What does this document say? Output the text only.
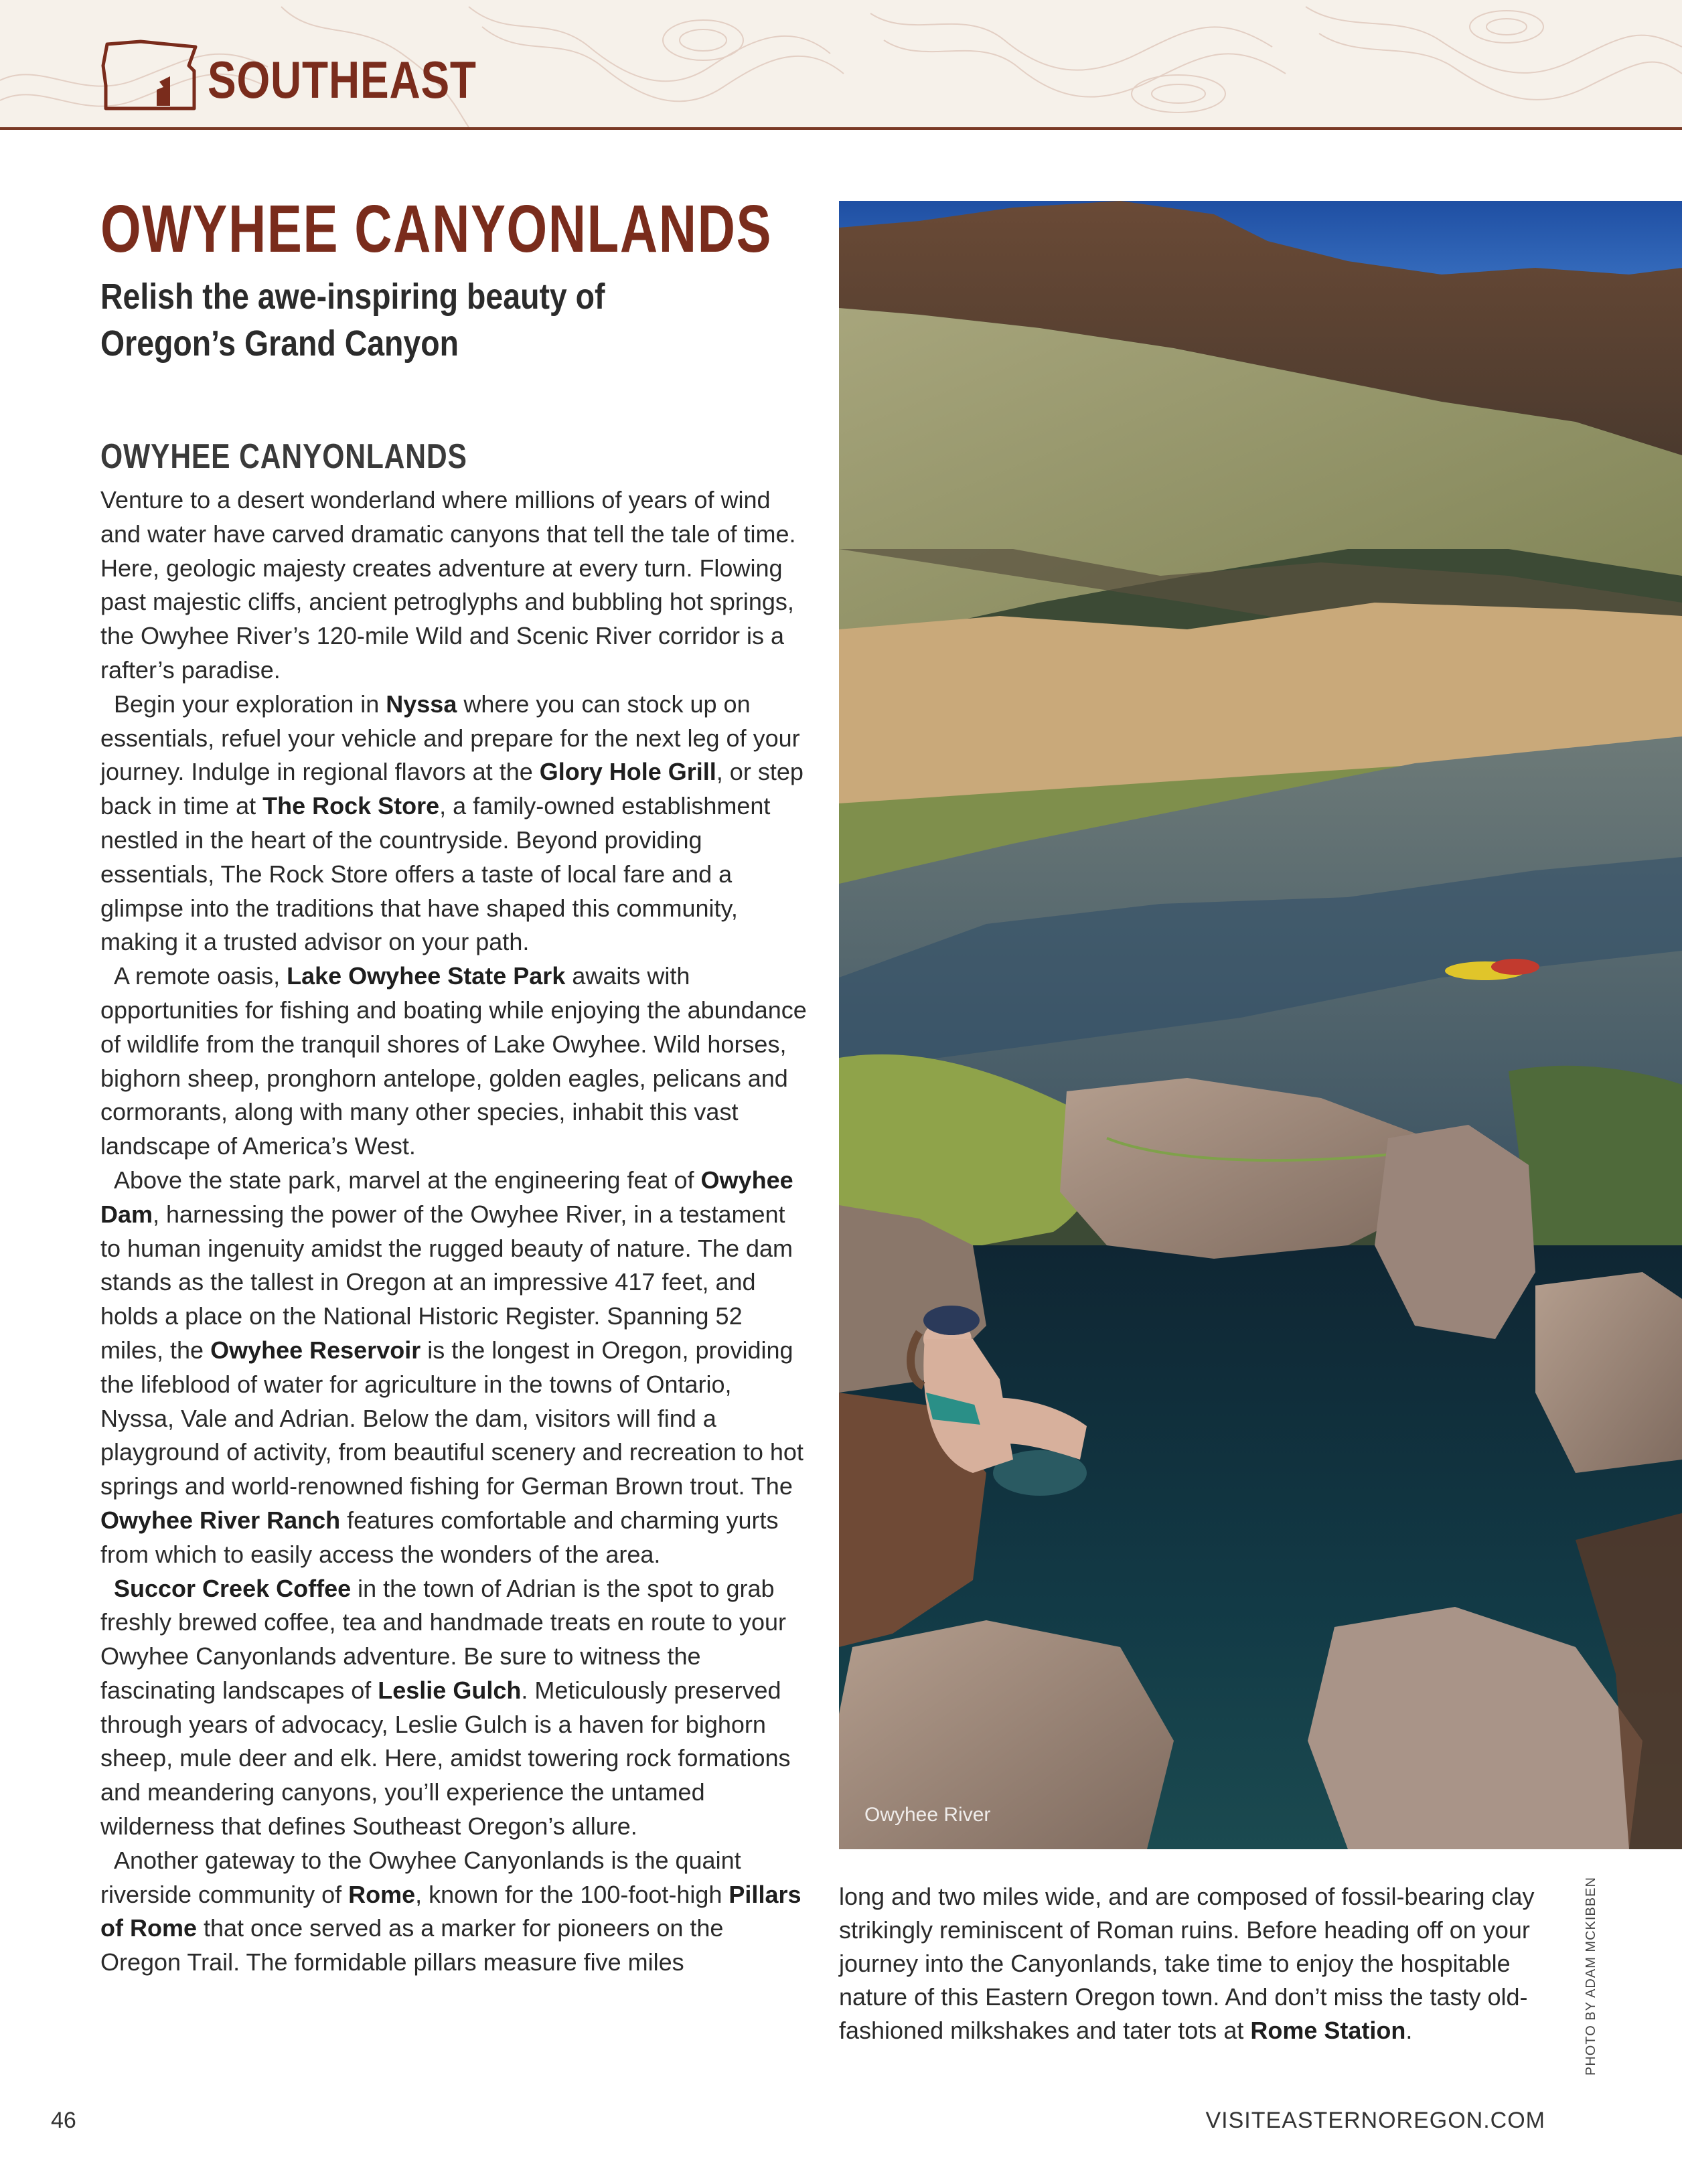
SOUTHEAST
OWYHEE CANYONLANDS
Relish the awe-inspiring beauty of Oregon’s Grand Canyon
OWYHEE CANYONLANDS

Venture to a desert wonderland where millions of years of wind and water have carved dramatic canyons that tell the tale of time. Here, geologic majesty creates adventure at every turn. Flowing past majestic cliffs, ancient petroglyphs and bubbling hot springs, the Owyhee River’s 120-mile Wild and Scenic River corridor is a rafter’s paradise.

Begin your exploration in Nyssa where you can stock up on essentials, refuel your vehicle and prepare for the next leg of your journey. Indulge in regional flavors at the Glory Hole Grill, or step back in time at The Rock Store, a family-owned establishment nestled in the heart of the countryside. Beyond providing essentials, The Rock Store offers a taste of local fare and a glimpse into the traditions that have shaped this community, making it a trusted advisor on your path.

A remote oasis, Lake Owyhee State Park awaits with opportunities for fishing and boating while enjoying the abundance of wildlife from the tranquil shores of Lake Owyhee. Wild horses, bighorn sheep, pronghorn antelope, golden eagles, pelicans and cormorants, along with many other species, inhabit this vast landscape of America’s West.

Above the state park, marvel at the engineering feat of Owyhee Dam, harnessing the power of the Owyhee River, in a testament to human ingenuity amidst the rugged beauty of nature. The dam stands as the tallest in Oregon at an impressive 417 feet, and holds a place on the National Historic Register. Spanning 52 miles, the Owyhee Reservoir is the longest in Oregon, providing the lifeblood of water for agriculture in the towns of Ontario, Nyssa, Vale and Adrian. Below the dam, visitors will find a playground of activity, from beautiful scenery and recreation to hot springs and world-renowned fishing for German Brown trout. The Owyhee River Ranch features comfortable and charming yurts from which to easily access the wonders of the area.

Succor Creek Coffee in the town of Adrian is the spot to grab freshly brewed coffee, tea and handmade treats en route to your Owyhee Canyonlands adventure. Be sure to witness the fascinating landscapes of Leslie Gulch. Meticulously preserved through years of advocacy, Leslie Gulch is a haven for bighorn sheep, mule deer and elk. Here, amidst towering rock formations and meandering canyons, you’ll experience the untamed wilderness that defines Southeast Oregon’s allure.

Another gateway to the Owyhee Canyonlands is the quaint riverside community of Rome, known for the 100-foot-high Pillars of Rome that once served as a marker for pioneers on the Oregon Trail. The formidable pillars measure five miles

Owyhee River

long and two miles wide, and are composed of fossil-bearing clay strikingly reminiscent of Roman ruins. Before heading off on your journey into the Canyonlands, take time to enjoy the hospitable nature of this Eastern Oregon town. And don’t miss the tasty old-fashioned milkshakes and tater tots at Rome Station.	PHOTO BY ADAM MCKIBBEN
46	VISITEASTERNOREGON.COM
